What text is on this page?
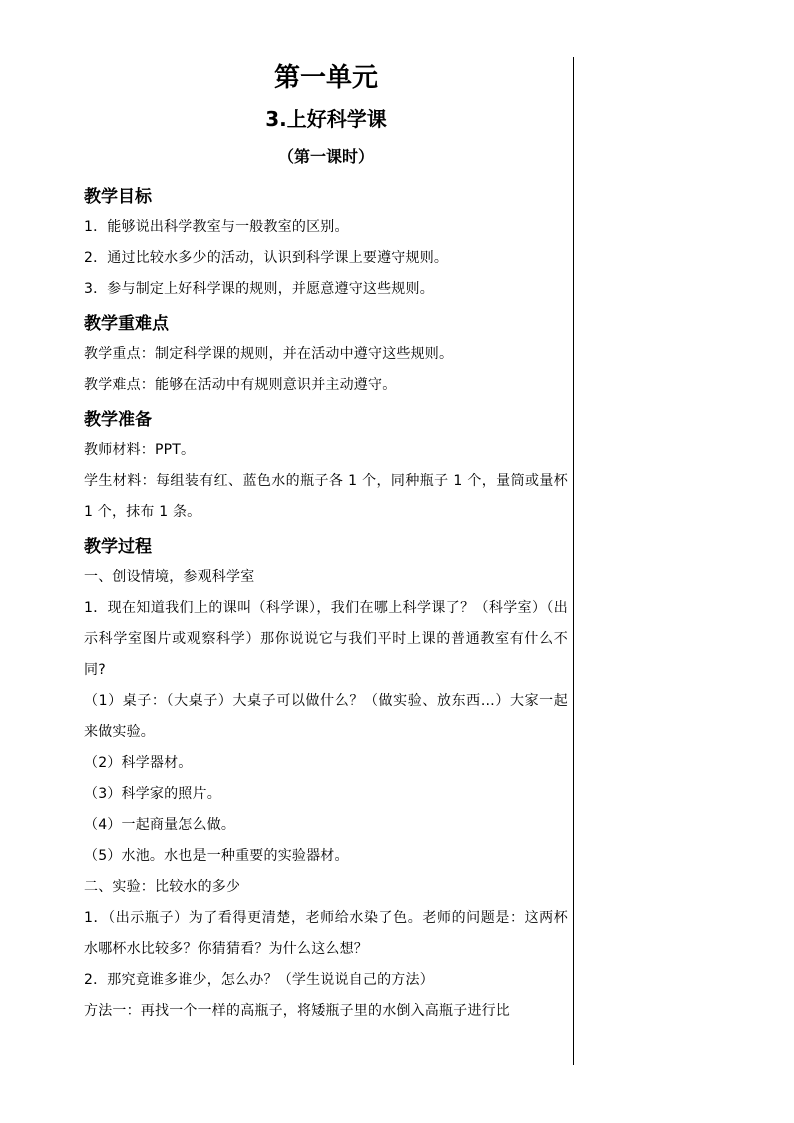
第一单元
3.上好科学课
（第一课时）
教学目标

1．能够说出科学教室与一般教室的区别。

2．通过比较水多少的活动，认识到科学课上要遵守规则。

3．参与制定上好科学课的规则，并愿意遵守这些规则。

教学重难点

教学重点：制定科学课的规则，并在活动中遵守这些规则。

教学难点：能够在活动中有规则意识并主动遵守。

教学准备

教师材料：PPT。

学生材料：每组装有红、蓝色水的瓶子各 1 个，同种瓶子 1 个，量筒或量杯 1 个，抹布 1 条。

教学过程

一、创设情境，参观科学室

1．现在知道我们上的课叫（科学课），我们在哪上科学课了？（科学室）（出示科学室图片或观察科学）那你说说它与我们平时上课的普通教室有什么不同?

（1）桌子：（大桌子）大桌子可以做什么？（做实验、放东西…）大家一起来做实验。

（2）科学器材。

（3）科学家的照片。

（4）一起商量怎么做。

（5）水池。水也是一种重要的实验器材。

二、实验：比较水的多少

1．（出示瓶子）为了看得更清楚，老师给水染了色。老师的问题是：这两杯水哪杯水比较多？你猜猜看？为什么这么想？

2．那究竟谁多谁少，怎么办？（学生说说自己的方法）

方法一：再找一个一样的高瓶子，将矮瓶子里的水倒入高瓶子进行比
